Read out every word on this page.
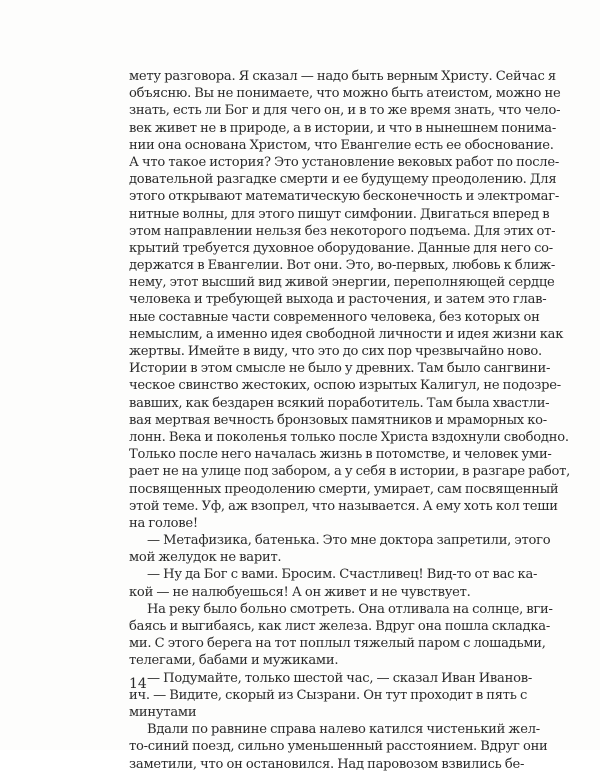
мету разговора. Я сказал — надо быть верным Христу. Сейчас я
объясню. Вы не понимаете, что можно быть атеистом, можно не
знать, есть ли Бог и для чего он, и в то же время знать, что чело-
век живет не в природе, а в истории, и что в нынешнем понима-
нии она основана Христом, что Евангелие есть ее обоснование.
А что такое история? Это установление вековых работ по после-
довательной разгадке смерти и ее будущему преодолению. Для
этого открывают математическую бесконечность и электромаг-
нитные волны, для этого пишут симфонии. Двигаться вперед в
этом направлении нельзя без некоторого подъема. Для этих от-
крытий требуется духовное оборудование. Данные для него со-
держатся в Евангелии. Вот они. Это, во-первых, любовь к ближ-
нему, этот высший вид живой энергии, переполняющей сердце
человека и требующей выхода и расточения, и затем это глав-
ные составные части современного человека, без которых он
немыслим, а именно идея свободной личности и идея жизни как
жертвы. Имейте в виду, что это до сих пор чрезвычайно ново.
Истории в этом смысле не было у древних. Там было сангвини-
ческое свинство жестоких, оспою изрытых Калигул, не подозре-
вавших, как бездарен всякий поработитель. Там была хвастли-
вая мертвая вечность бронзовых памятников и мраморных ко-
лонн. Века и поколенья только после Христа вздохнули свободно.
Только после него началась жизнь в потомстве, и человек уми-
рает не на улице под забором, а у себя в истории, в разгаре работ,
посвященных преодолению смерти, умирает, сам посвященный
этой теме. Уф, аж взопрел, что называется. А ему хоть кол теши
на голове!
— Метафизика, батенька. Это мне доктора запретили, этого
мой желудок не варит.
— Ну да Бог с вами. Бросим. Счастливец! Вид-то от вас ка-
кой — не налюбуешься! А он живет и не чувствует.
На реку было больно смотреть. Она отливала на солнце, вги-
баясь и выгибаясь, как лист железа. Вдруг она пошла складка-
ми. С этого берега на тот поплыл тяжелый паром с лошадьми,
телегами, бабами и мужиками.
— Подумайте, только шестой час, — сказал Иван Иванов-
ич. — Видите, скорый из Сызрани. Он тут проходит в пять с
минутами
Вдали по равнине справа налево катился чистенький жел-
то-синий поезд, сильно уменьшенный расстоянием. Вдруг они
заметили, что он остановился. Над паровозом взвились бе-
14
